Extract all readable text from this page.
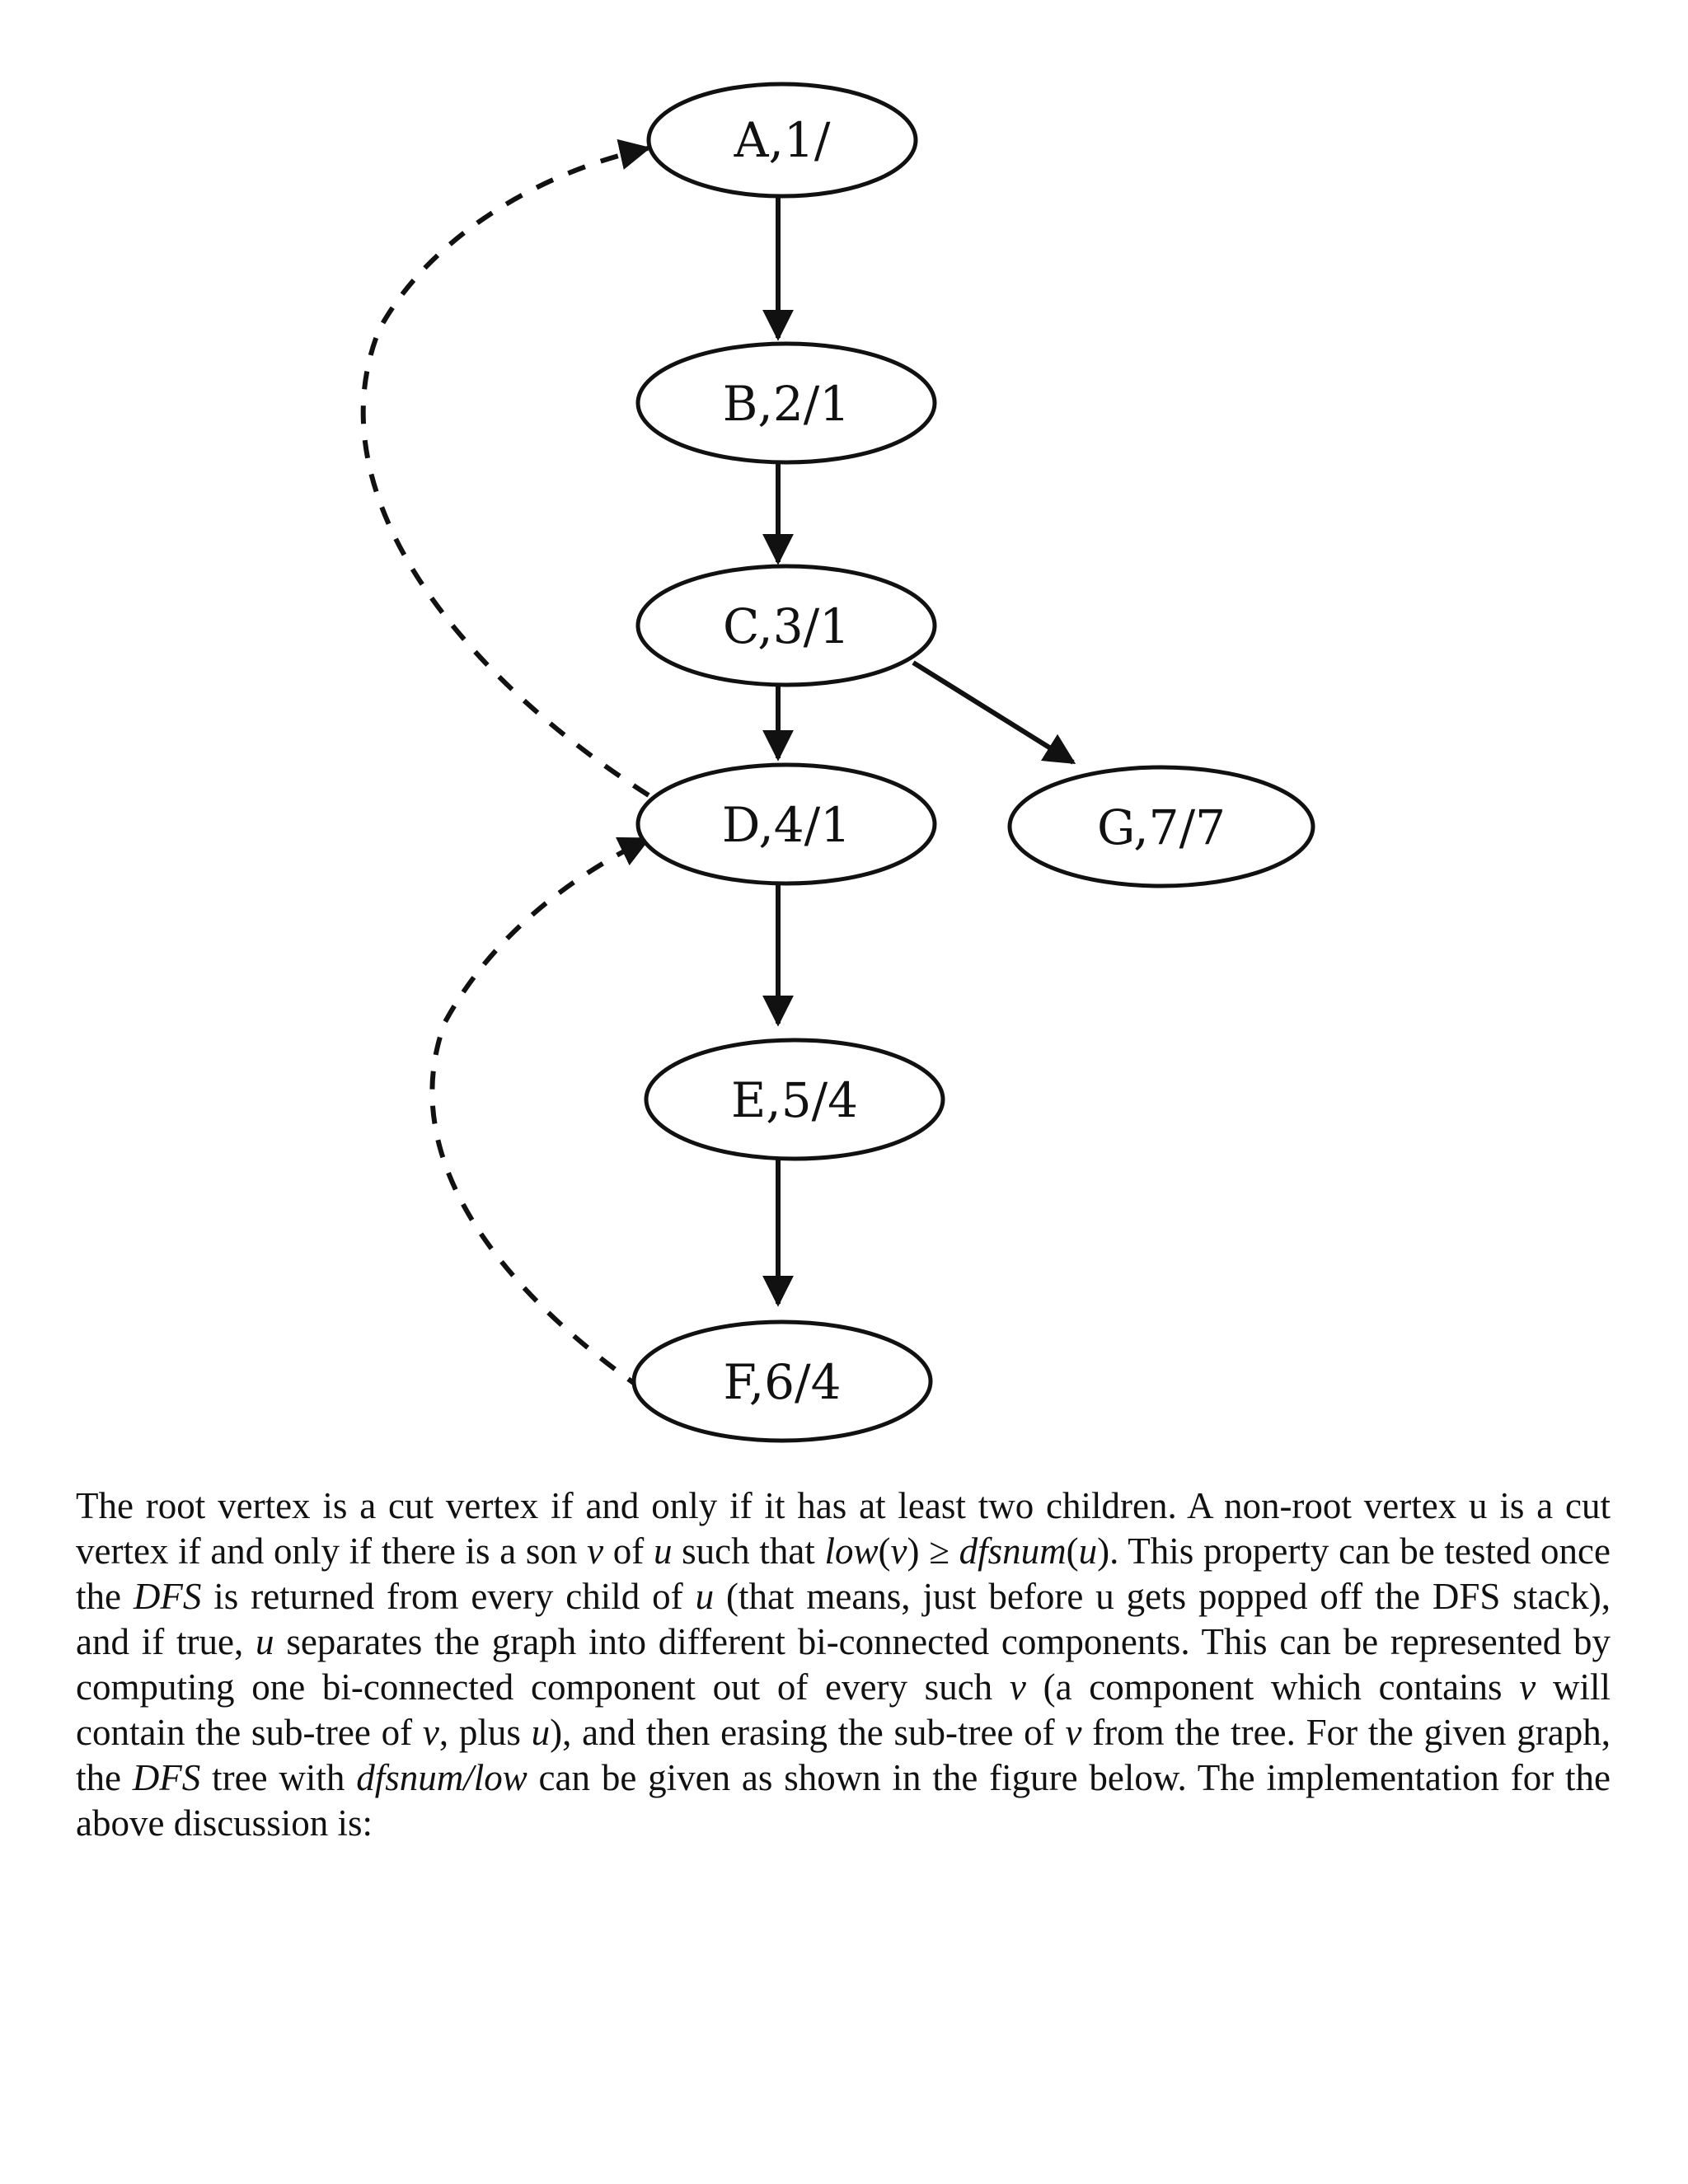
A,1/
B,2/1
C,3/1
D,4/1	G,7/7
E,5/4
F,6/4

The root vertex is a cut vertex if and only if it has at least two children. A non-root vertex u is a cut vertex if and only if there is a son v of u such that low(v) ≥ dfsnum(u). This property can be tested once the DFS is returned from every child of u (that means, just before u gets popped off the DFS stack), and if true, u separates the graph into different bi-connected components. This can be represented by computing one bi-connected component out of every such v (a component which contains v will contain the sub-tree of v, plus u), and then erasing the sub-tree of v from the tree. For the given graph, the DFS tree with dfsnum/low can be given as shown in the figure below. The implementation for the above discussion is:
